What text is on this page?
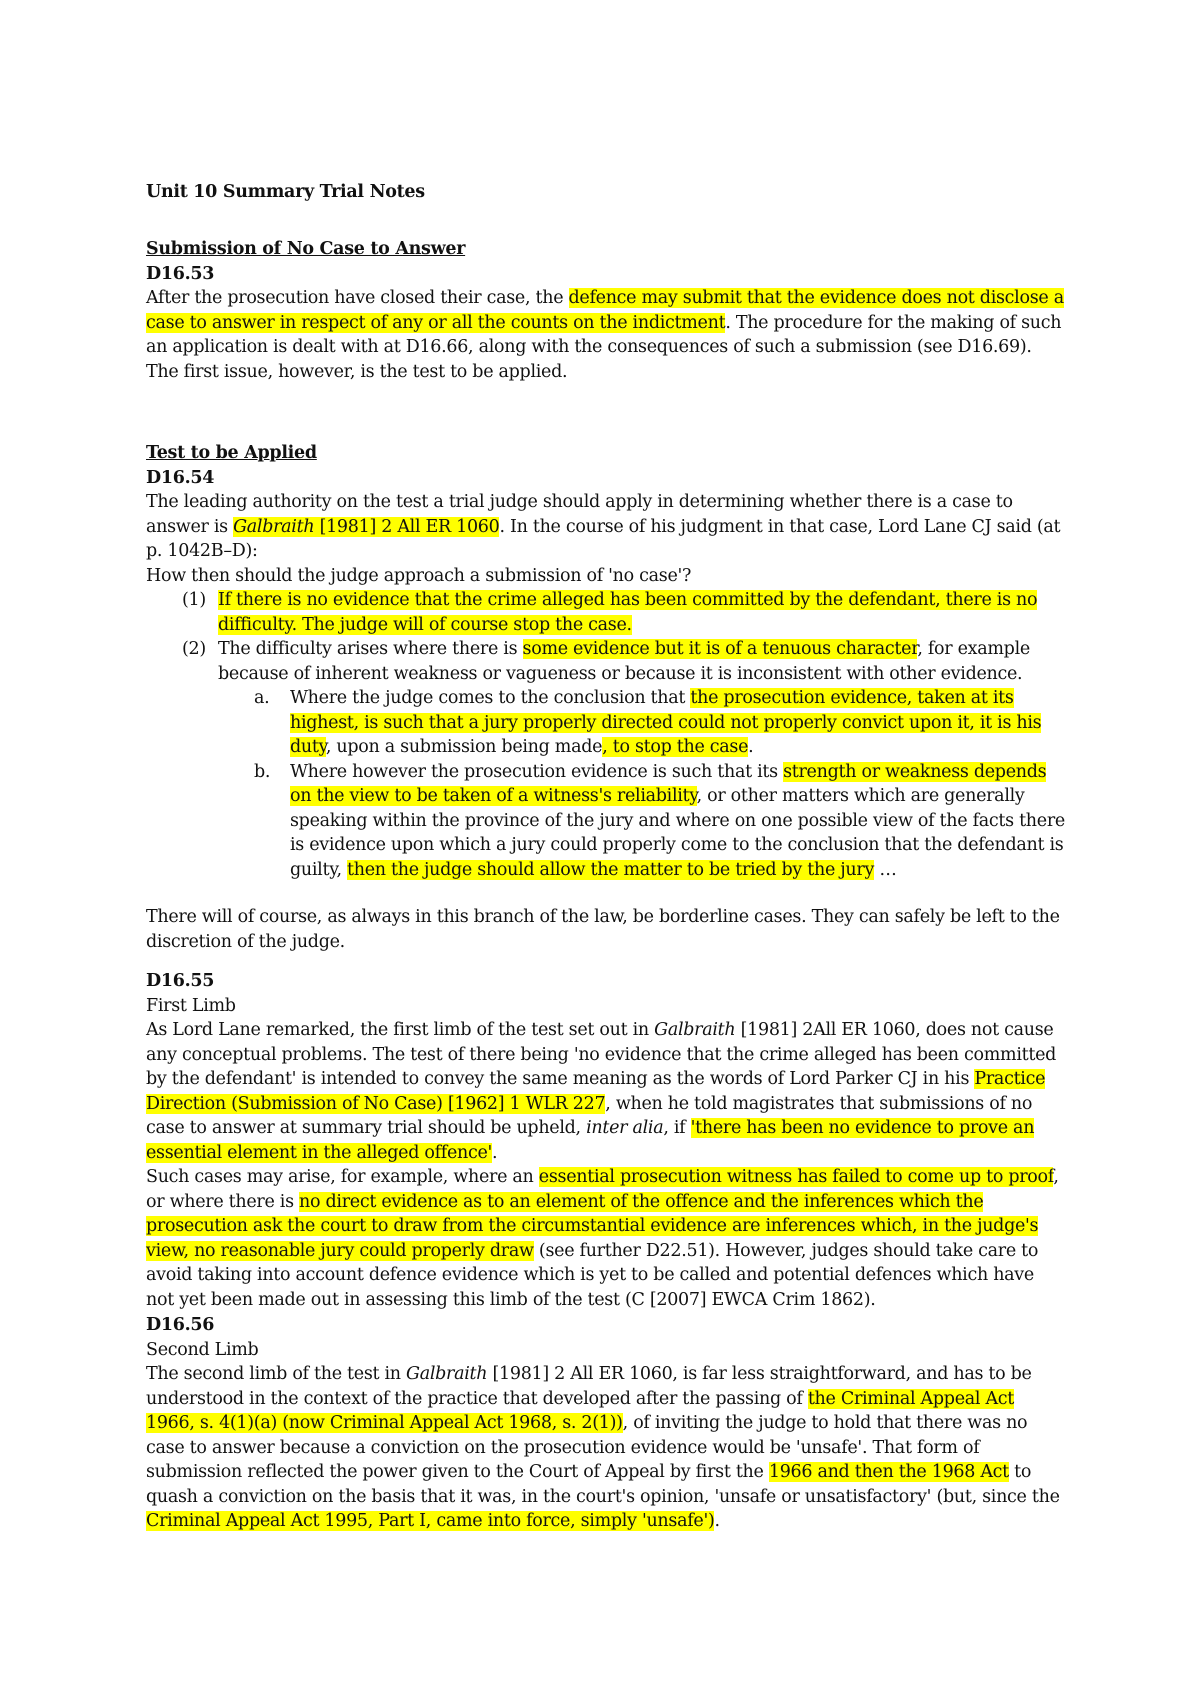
Unit 10 Summary Trial Notes

Submission of No Case to Answer

D16.53

After the prosecution have closed their case, the defence may submit that the evidence does not disclose a case to answer in respect of any or all the counts on the indictment. The procedure for the making of such an application is dealt with at D16.66, along with the consequences of such a submission (see D16.69). The first issue, however, is the test to be applied.

Test to be Applied

D16.54

The leading authority on the test a trial judge should apply in determining whether there is a case to answer is Galbraith [1981] 2 All ER 1060. In the course of his judgment in that case, Lord Lane CJ said (at p. 1042B–D):

How then should the judge approach a submission of 'no case'?

(1) If there is no evidence that the crime alleged has been committed by the defendant, there is no difficulty. The judge will of course stop the case.
(2) The difficulty arises where there is some evidence but it is of a tenuous character, for example because of inherent weakness or vagueness or because it is inconsistent with other evidence.
a. Where the judge comes to the conclusion that the prosecution evidence, taken at its highest, is such that a jury properly directed could not properly convict upon it, it is his duty, upon a submission being made, to stop the case.
b. Where however the prosecution evidence is such that its strength or weakness depends on the view to be taken of a witness's reliability, or other matters which are generally speaking within the province of the jury and where on one possible view of the facts there is evidence upon which a jury could properly come to the conclusion that the defendant is guilty, then the judge should allow the matter to be tried by the jury …

There will of course, as always in this branch of the law, be borderline cases. They can safely be left to the discretion of the judge.

D16.55

First Limb

As Lord Lane remarked, the first limb of the test set out in Galbraith [1981] 2All ER 1060, does not cause any conceptual problems. The test of there being 'no evidence that the crime alleged has been committed by the defendant' is intended to convey the same meaning as the words of Lord Parker CJ in his Practice Direction (Submission of No Case) [1962] 1 WLR 227, when he told magistrates that submissions of no case to answer at summary trial should be upheld, inter alia, if 'there has been no evidence to prove an essential element in the alleged offence'.

Such cases may arise, for example, where an essential prosecution witness has failed to come up to proof, or where there is no direct evidence as to an element of the offence and the inferences which the prosecution ask the court to draw from the circumstantial evidence are inferences which, in the judge's view, no reasonable jury could properly draw (see further D22.51). However, judges should take care to avoid taking into account defence evidence which is yet to be called and potential defences which have not yet been made out in assessing this limb of the test (C [2007] EWCA Crim 1862).

D16.56

Second Limb

The second limb of the test in Galbraith [1981] 2 All ER 1060, is far less straightforward, and has to be understood in the context of the practice that developed after the passing of the Criminal Appeal Act 1966, s. 4(1)(a) (now Criminal Appeal Act 1968, s. 2(1)), of inviting the judge to hold that there was no case to answer because a conviction on the prosecution evidence would be 'unsafe'. That form of submission reflected the power given to the Court of Appeal by first the 1966 and then the 1968 Act to quash a conviction on the basis that it was, in the court's opinion, 'unsafe or unsatisfactory' (but, since the Criminal Appeal Act 1995, Part I, came into force, simply 'unsafe').
